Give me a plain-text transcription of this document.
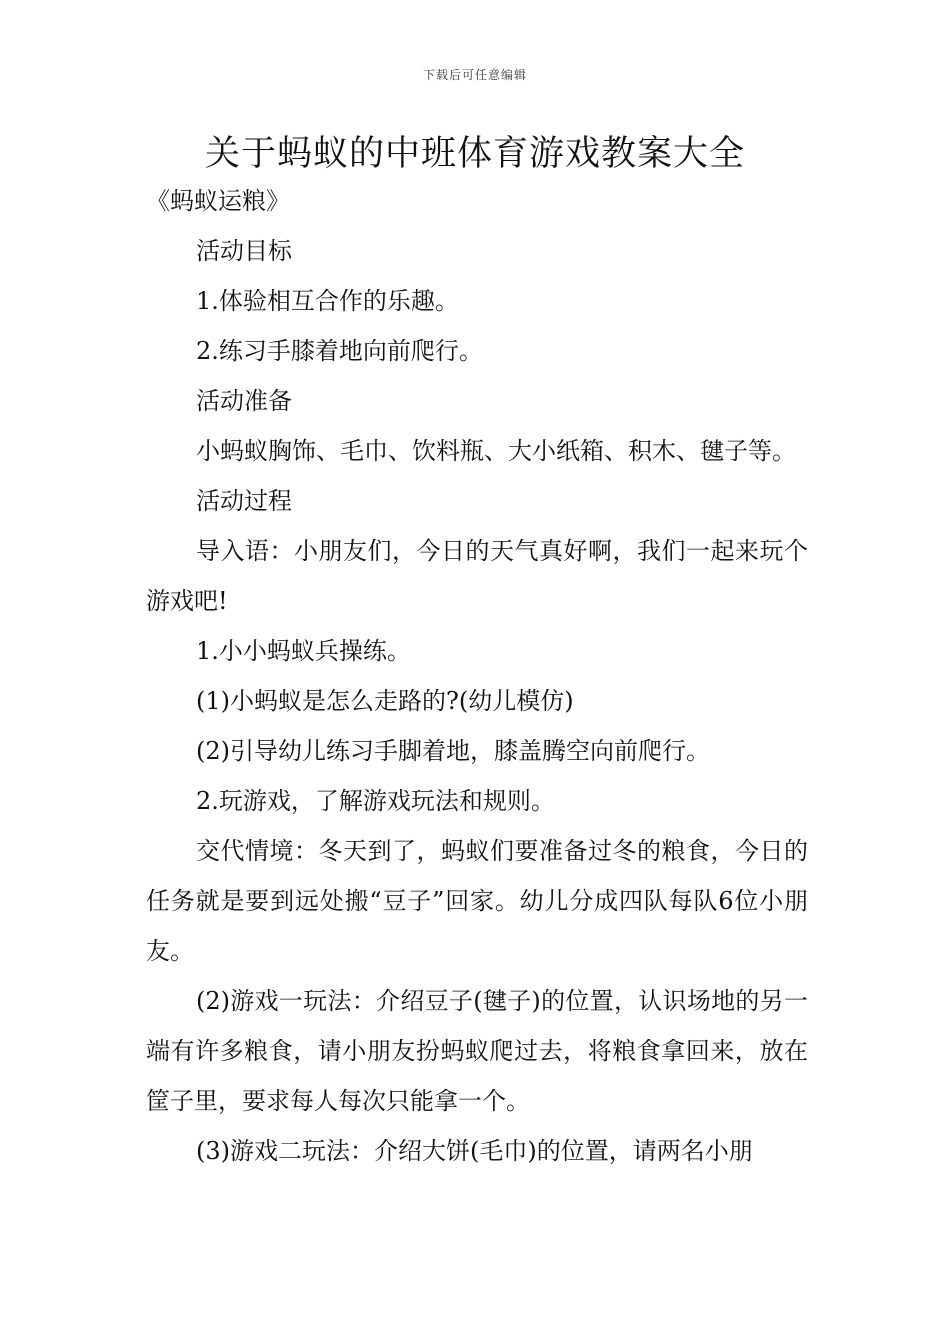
下载后可任意编辑
关于蚂蚁的中班体育游戏教案大全

《蚂蚁运粮》

活动目标

1.体验相互合作的乐趣。

2.练习手膝着地向前爬行。

活动准备

小蚂蚁胸饰、毛巾、饮料瓶、大小纸箱、积木、毽子等。

活动过程

导入语：小朋友们，今日的天气真好啊，我们一起来玩个游戏吧!

1.小小蚂蚁兵操练。

(1)小蚂蚁是怎么走路的?(幼儿模仿)

(2)引导幼儿练习手脚着地，膝盖腾空向前爬行。

2.玩游戏，了解游戏玩法和规则。

交代情境：冬天到了，蚂蚁们要准备过冬的粮食，今日的任务就是要到远处搬“豆子”回家。幼儿分成四队每队6位小朋友。

(2)游戏一玩法：介绍豆子(毽子)的位置，认识场地的另一端有许多粮食，请小朋友扮蚂蚁爬过去，将粮食拿回来，放在筐子里，要求每人每次只能拿一个。

(3)游戏二玩法：介绍大饼(毛巾)的位置，请两名小朋
